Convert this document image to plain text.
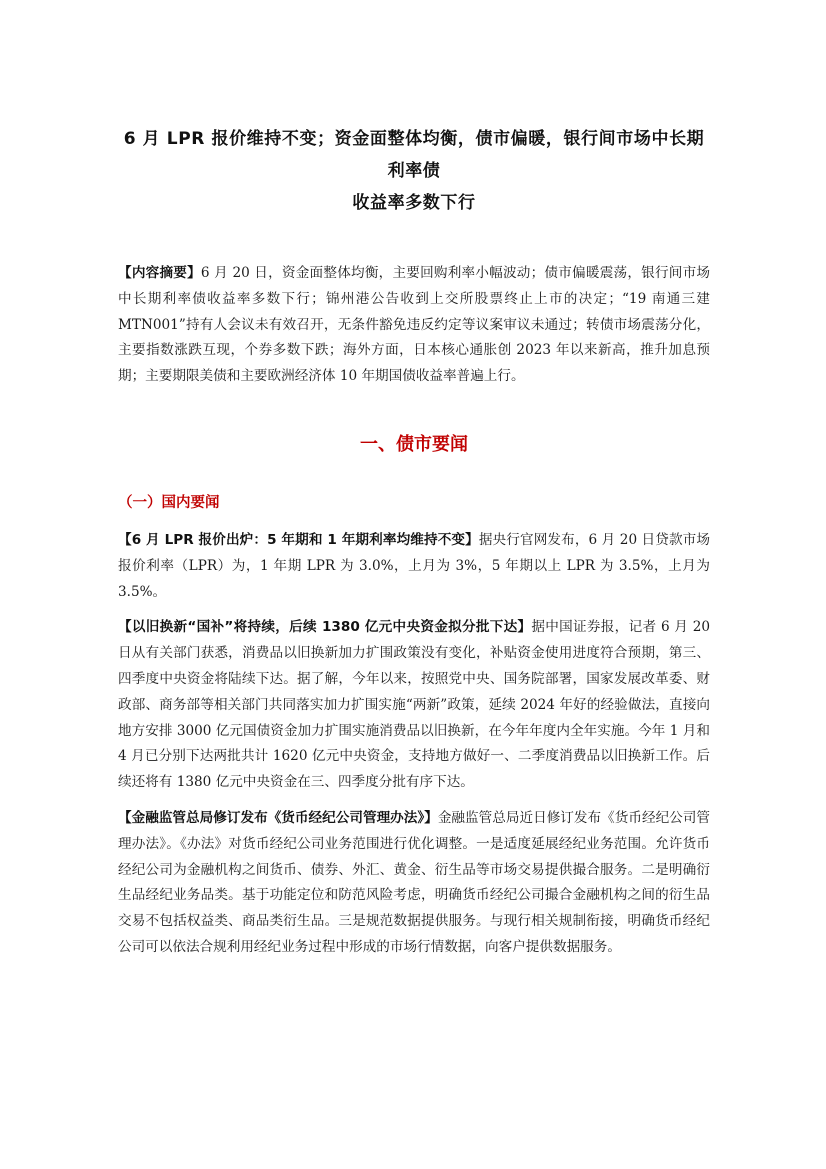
6 月 LPR 报价维持不变；资金面整体均衡，债市偏暖，银行间市场中长期利率债
收益率多数下行

【内容摘要】6 月 20 日，资金面整体均衡，主要回购利率小幅波动；债市偏暖震荡，银行间市场中长期利率债收益率多数下行；锦州港公告收到上交所股票终止上市的决定；“19 南通三建 MTN001”持有人会议未有效召开，无条件豁免违反约定等议案审议未通过；转债市场震荡分化，主要指数涨跌互现，个券多数下跌；海外方面，日本核心通胀创 2023 年以来新高，推升加息预期；主要期限美债和主要欧洲经济体 10 年期国债收益率普遍上行。

一、债市要闻
（一）国内要闻

【6 月 LPR 报价出炉：5 年期和 1 年期利率均维持不变】据央行官网发布，6 月 20 日贷款市场报价利率（LPR）为，1 年期 LPR 为 3.0%，上月为 3%，5 年期以上 LPR 为 3.5%，上月为 3.5%。

【以旧换新“国补”将持续，后续 1380 亿元中央资金拟分批下达】据中国证券报，记者 6 月 20 日从有关部门获悉，消费品以旧换新加力扩围政策没有变化，补贴资金使用进度符合预期，第三、四季度中央资金将陆续下达。据了解，今年以来，按照党中央、国务院部署，国家发展改革委、财政部、商务部等相关部门共同落实加力扩围实施“两新”政策，延续 2024 年好的经验做法，直接向地方安排 3000 亿元国债资金加力扩围实施消费品以旧换新，在今年年度内全年实施。今年 1 月和 4 月已分别下达两批共计 1620 亿元中央资金，支持地方做好一、二季度消费品以旧换新工作。后续还将有 1380 亿元中央资金在三、四季度分批有序下达。

【金融监管总局修订发布《货币经纪公司管理办法》】金融监管总局近日修订发布《货币经纪公司管理办法》。《办法》对货币经纪公司业务范围进行优化调整。一是适度延展经纪业务范围。允许货币经纪公司为金融机构之间货币、债券、外汇、黄金、衍生品等市场交易提供撮合服务。二是明确衍生品经纪业务品类。基于功能定位和防范风险考虑，明确货币经纪公司撮合金融机构之间的衍生品交易不包括权益类、商品类衍生品。三是规范数据提供服务。与现行相关规制衔接，明确货币经纪公司可以依法合规利用经纪业务过程中形成的市场行情数据，向客户提供数据服务。
